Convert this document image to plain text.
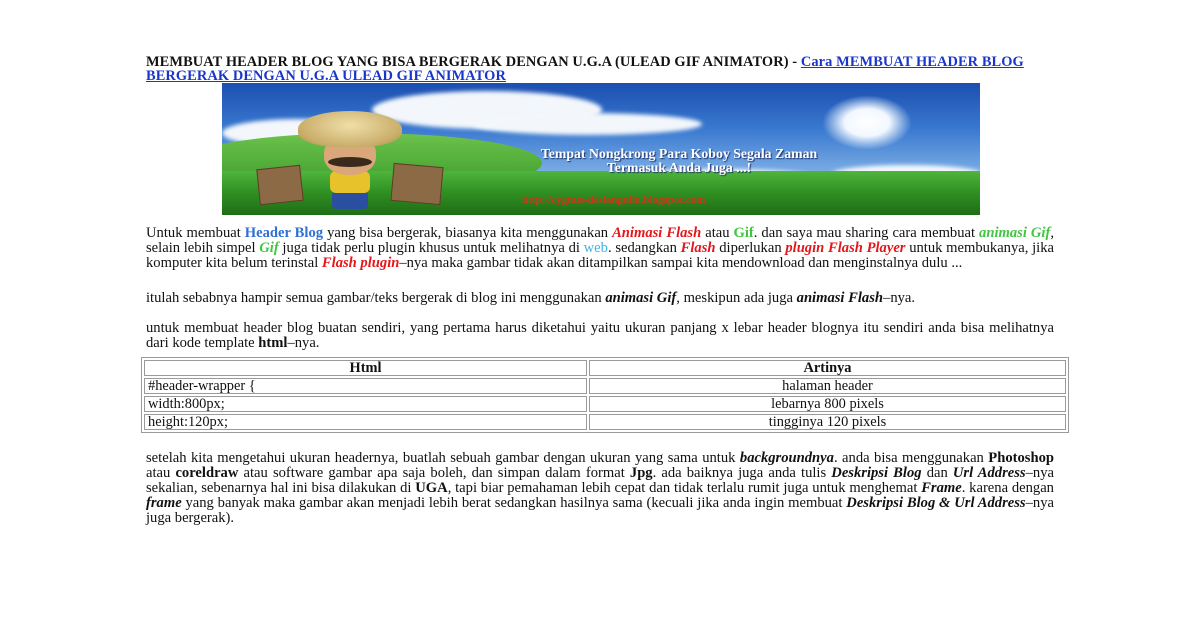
MEMBUAT HEADER BLOG YANG BISA BERGERAK DENGAN U.G.A (ULEAD GIF ANIMATOR) - Cara MEMBUAT HEADER BLOG BERGERAK DENGAN U.G.A ULEAD GIF ANIMATOR
Tempat Nongkrong Para Koboy Segala Zaman
Termasuk Anda Juga ...!
http://cygnus-desiangnila.blogspot.com

Untuk membuat Header Blog yang bisa bergerak, biasanya kita menggunakan Animasi Flash atau Gif. dan saya mau sharing cara membuat animasi Gif, selain lebih simpel Gif juga tidak perlu plugin khusus untuk melihatnya di web. sedangkan Flash diperlukan plugin Flash Player untuk membukanya, jika komputer kita belum terinstal Flash plugin–nya maka gambar tidak akan ditampilkan sampai kita mendownload dan menginstalnya dulu ...

itulah sebabnya hampir semua gambar/teks bergerak di blog ini menggunakan animasi Gif, meskipun ada juga animasi Flash–nya.

untuk membuat header blog buatan sendiri, yang pertama harus diketahui yaitu ukuran panjang x lebar header blognya itu sendiri anda bisa melihatnya dari kode template html–nya.

Html	Artinya
#header-wrapper {	halaman header
width:800px;	lebarnya 800 pixels
height:120px;	tingginya 120 pixels

setelah kita mengetahui ukuran headernya, buatlah sebuah gambar dengan ukuran yang sama untuk backgroundnya. anda bisa menggunakan Photoshop atau coreldraw atau software gambar apa saja boleh, dan simpan dalam format Jpg. ada baiknya juga anda tulis Deskripsi Blog dan Url Address–nya sekalian, sebenarnya hal ini bisa dilakukan di UGA, tapi biar pemahaman lebih cepat dan tidak terlalu rumit juga untuk menghemat Frame. karena dengan frame yang banyak maka gambar akan menjadi lebih berat sedangkan hasilnya sama (kecuali jika anda ingin membuat Deskripsi Blog & Url Address–nya juga bergerak).
